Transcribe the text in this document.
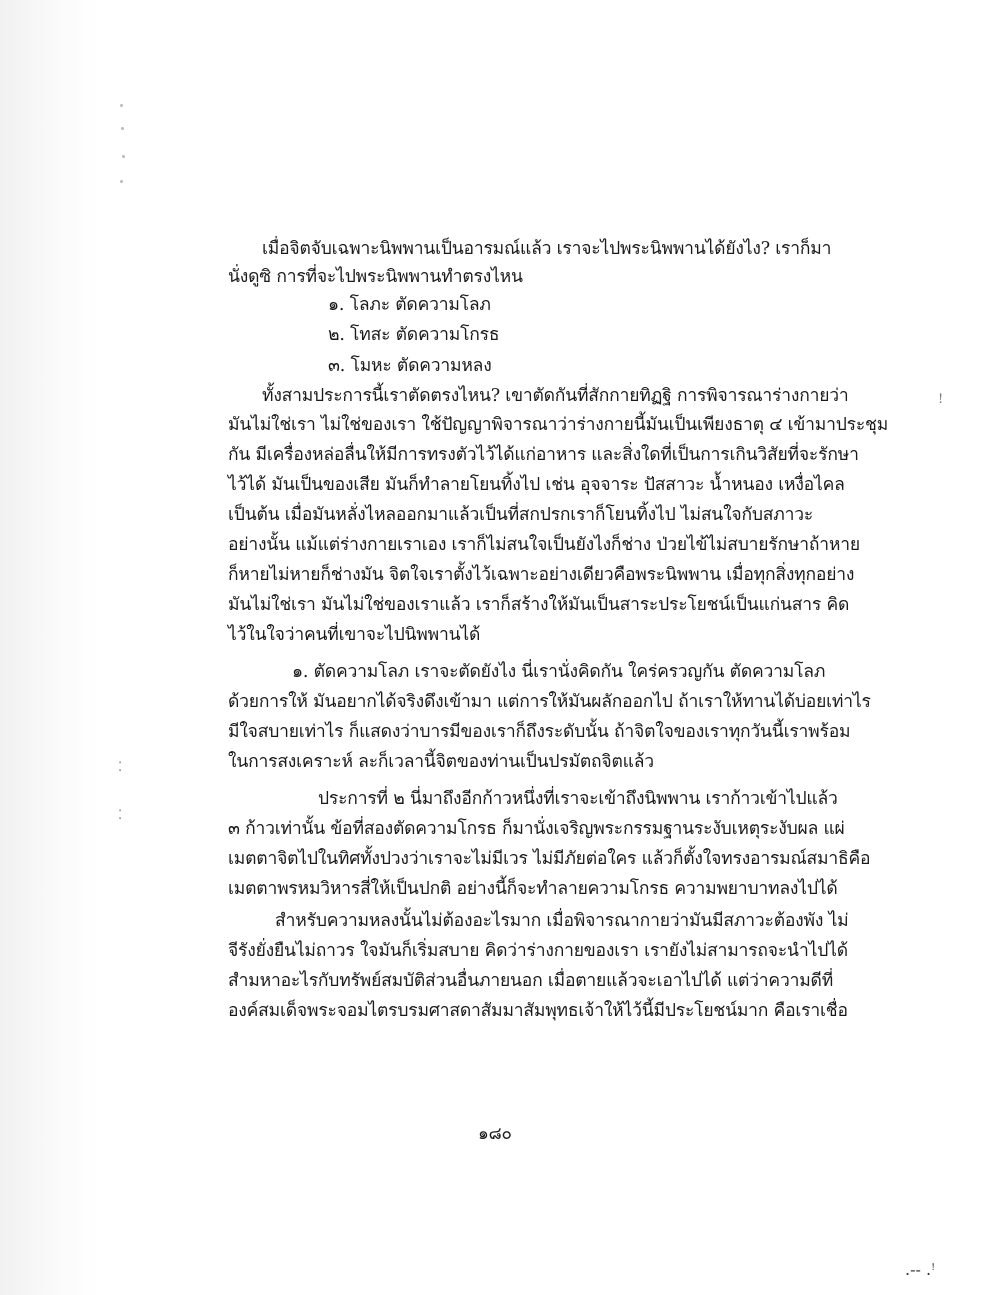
⁚
⁚
!
.-- .ꜝ
เมื่อจิตจับเฉพาะนิพพานเป็นอารมณ์แล้ว เราจะไปพระนิพพานได้ยังไง? เราก็มา
นั่งดูซิ การที่จะไปพระนิพพานทำตรงไหน
๑. โลภะ ตัดความโลภ
๒. โทสะ ตัดความโกรธ
๓. โมหะ ตัดความหลง
ทั้งสามประการนี้เราตัดตรงไหน? เขาตัดกันที่สักกายทิฏฐิ การพิจารณาร่างกายว่า
มันไม่ใช่เรา ไม่ใช่ของเรา ใช้ปัญญาพิจารณาว่าร่างกายนี้มันเป็นเพียงธาตุ ๔ เข้ามาประชุม
กัน มีเครื่องหล่อลื่นให้มีการทรงตัวไว้ได้แก่อาหาร และสิ่งใดที่เป็นการเกินวิสัยที่จะรักษา
ไว้ได้ มันเป็นของเสีย มันก็ทำลายโยนทิ้งไป เช่น อุจจาระ ปัสสาวะ น้ำหนอง เหงื่อไคล
เป็นต้น เมื่อมันหลั่งไหลออกมาแล้วเป็นที่สกปรกเราก็โยนทิ้งไป ไม่สนใจกับสภาวะ
อย่างนั้น แม้แต่ร่างกายเราเอง เราก็ไม่สนใจเป็นยังไงก็ช่าง ป่วยไข้ไม่สบายรักษาถ้าหาย
ก็หายไม่หายก็ช่างมัน จิตใจเราตั้งไว้เฉพาะอย่างเดียวคือพระนิพพาน เมื่อทุกสิ่งทุกอย่าง
มันไม่ใช่เรา มันไม่ใช่ของเราแล้ว เราก็สร้างให้มันเป็นสาระประโยชน์เป็นแก่นสาร คิด
ไว้ในใจว่าคนที่เขาจะไปนิพพานได้
๑. ตัดความโลภ เราจะตัดยังไง นี่เรานั่งคิดกัน ใคร่ครวญกัน ตัดความโลภ
ด้วยการให้ มันอยากได้จริงดึงเข้ามา แต่การให้มันผลักออกไป ถ้าเราให้ทานได้บ่อยเท่าไร
มีใจสบายเท่าไร ก็แสดงว่าบารมีของเราก็ถึงระดับนั้น ถ้าจิตใจของเราทุกวันนี้เราพร้อม
ในการสงเคราะห์ ละก็เวลานี้จิตของท่านเป็นปรมัตถจิตแล้ว
ประการที่ ๒ นี่มาถึงอีกก้าวหนึ่งที่เราจะเข้าถึงนิพพาน เราก้าวเข้าไปแล้ว
๓ ก้าวเท่านั้น ข้อที่สองตัดความโกรธ ก็มานั่งเจริญพระกรรมฐานระงับเหตุระงับผล แผ่
เมตตาจิตไปในทิศทั้งปวงว่าเราจะไม่มีเวร ไม่มีภัยต่อใคร แล้วก็ตั้งใจทรงอารมณ์สมาธิคือ
เมตตาพรหมวิหารสี่ให้เป็นปกติ อย่างนี้ก็จะทำลายความโกรธ ความพยาบาทลงไปได้
สำหรับความหลงนั้นไม่ต้องอะไรมาก เมื่อพิจารณากายว่ามันมีสภาวะต้องพัง ไม่
จีรังยั่งยืนไม่ถาวร ใจมันก็เริ่มสบาย คิดว่าร่างกายของเรา เรายังไม่สามารถจะนำไปได้
สำมหาอะไรกับทรัพย์สมบัติส่วนอื่นภายนอก เมื่อตายแล้วจะเอาไปได้ แต่ว่าความดีที่
องค์สมเด็จพระจอมไตรบรมศาสดาสัมมาสัมพุทธเจ้าให้ไว้นี้มีประโยชน์มาก คือเราเชื่อ
๑๘๐
